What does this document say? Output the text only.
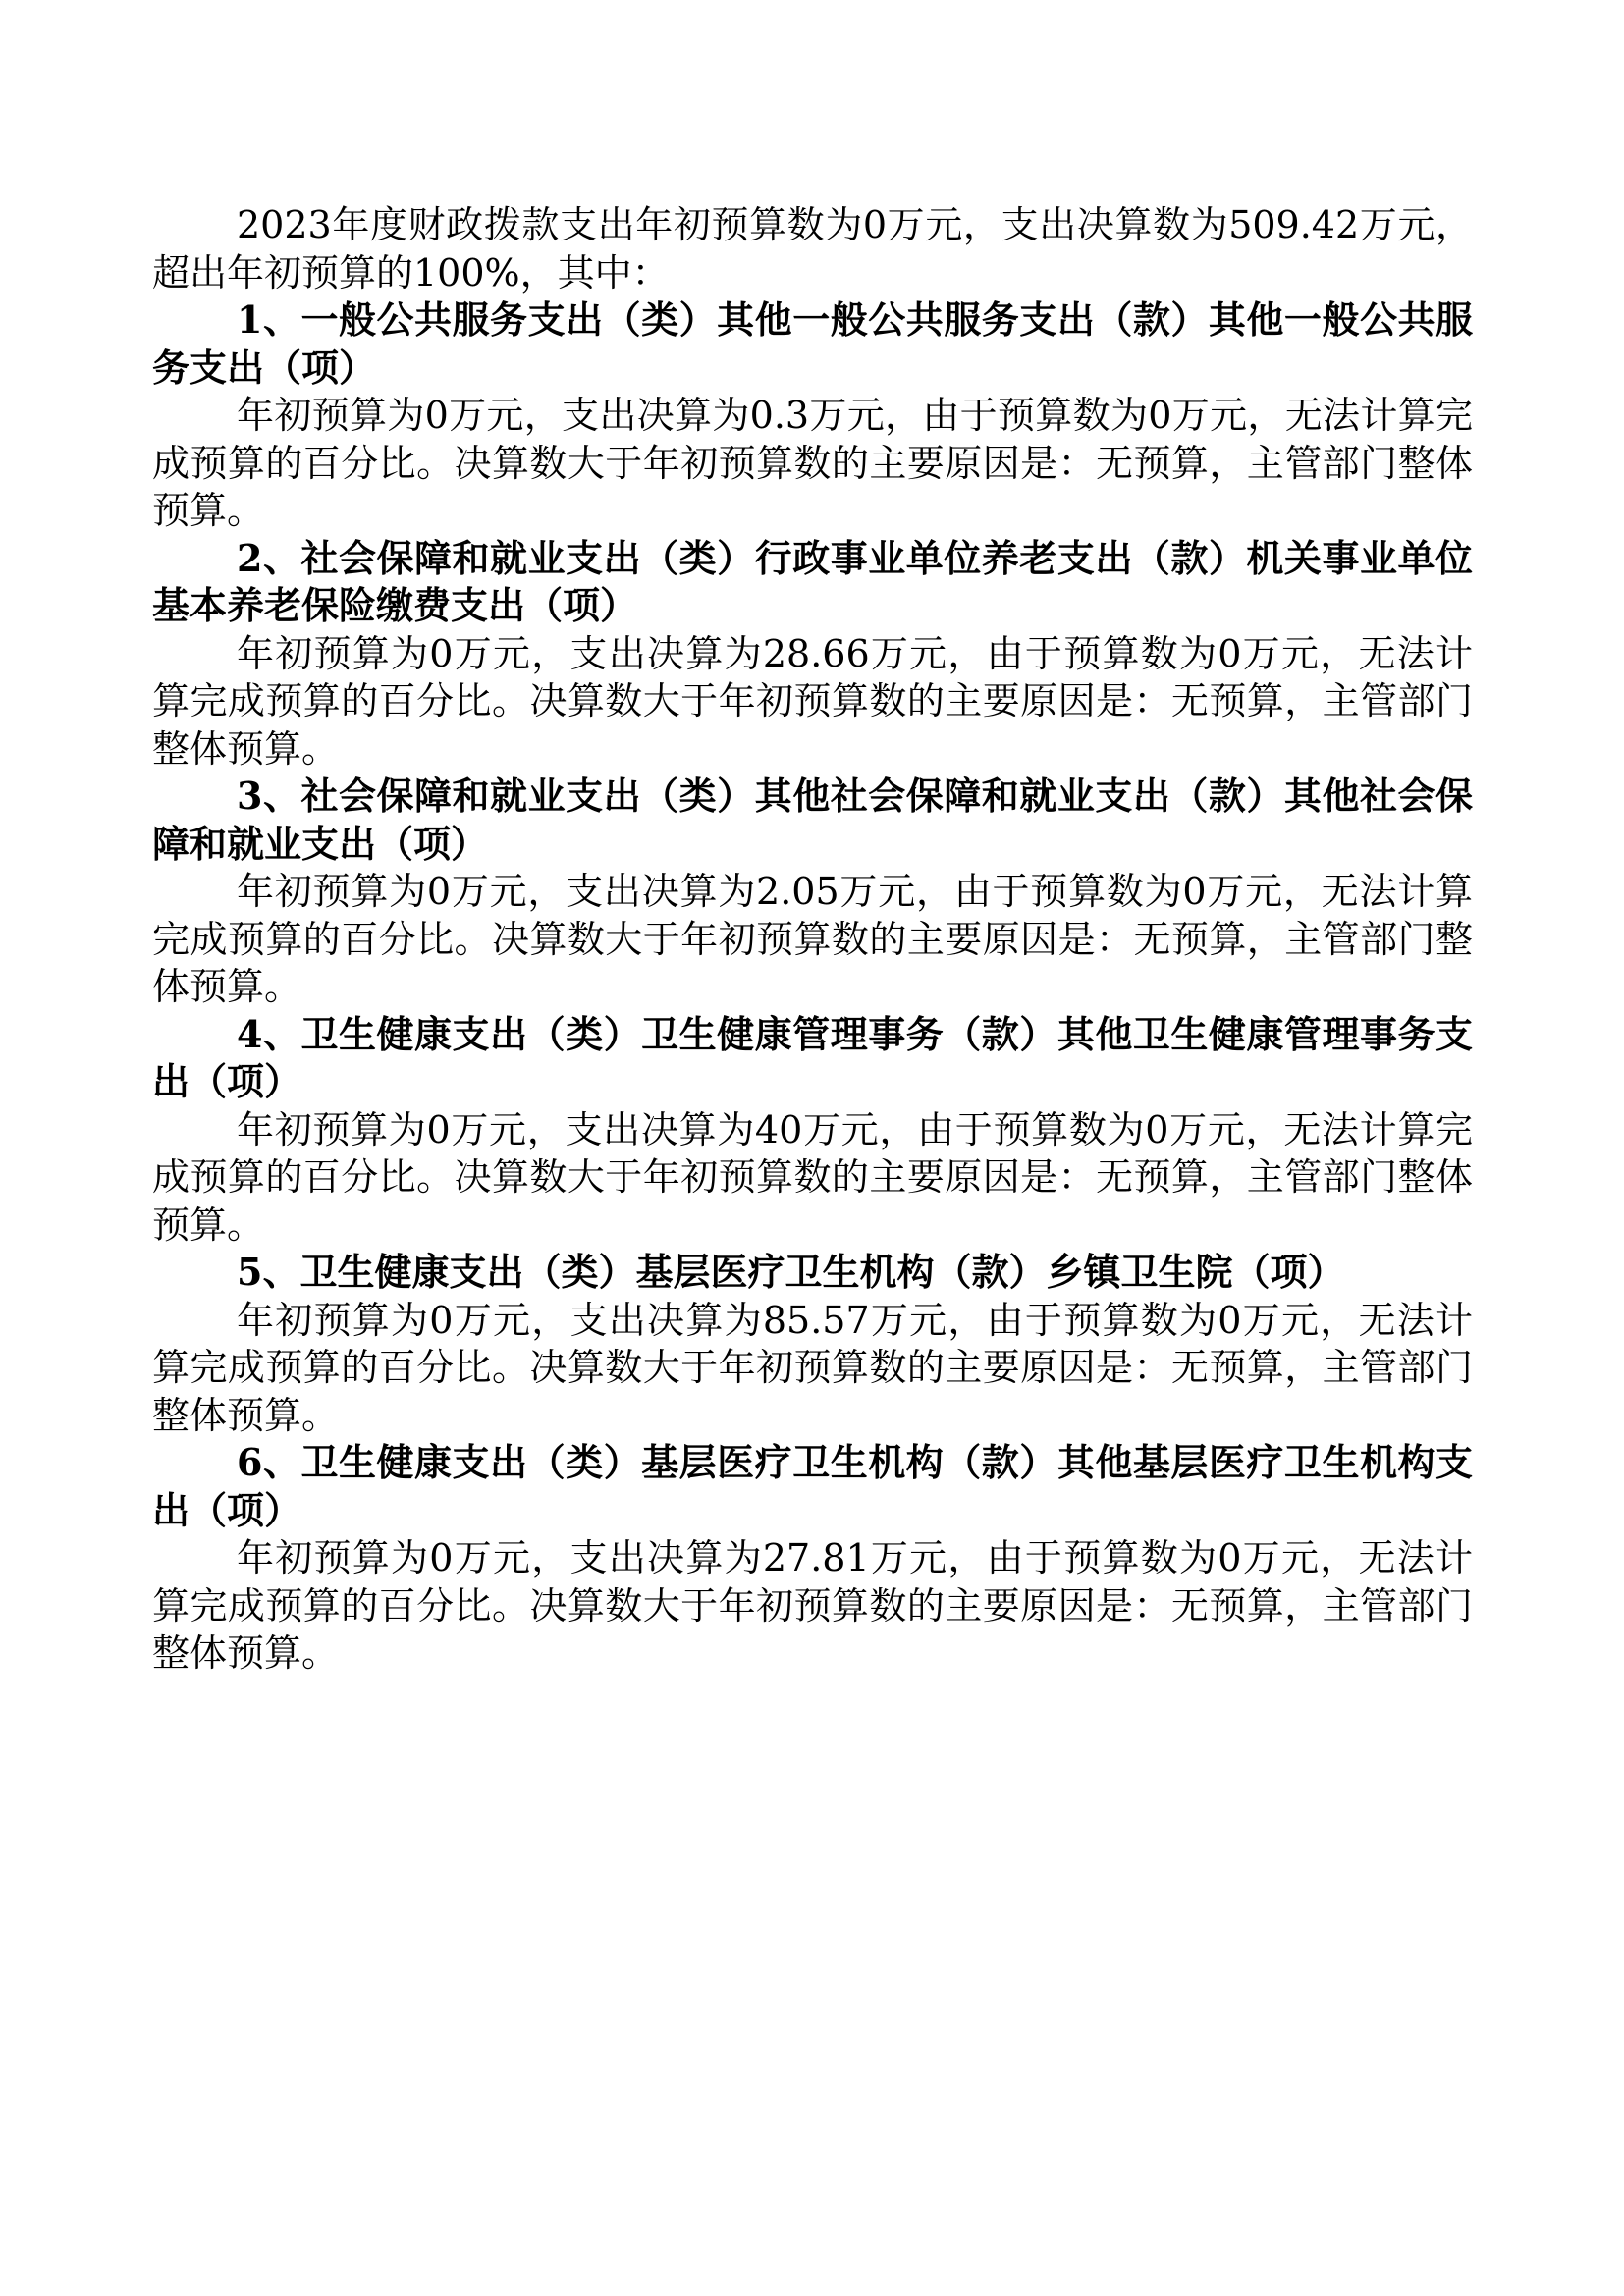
2023年度财政拨款支出年初预算数为0万元，支出决算数为509.42万元，超出年初预算的100%，其中：

1、一般公共服务支出（类）其他一般公共服务支出（款）其他一般公共服务支出（项）

年初预算为0万元，支出决算为0.3万元，由于预算数为0万元，无法计算完成预算的百分比。决算数大于年初预算数的主要原因是：无预算，主管部门整体预算。

2、社会保障和就业支出（类）行政事业单位养老支出（款）机关事业单位基本养老保险缴费支出（项）

年初预算为0万元，支出决算为28.66万元，由于预算数为0万元，无法计算完成预算的百分比。决算数大于年初预算数的主要原因是：无预算，主管部门整体预算。

3、社会保障和就业支出（类）其他社会保障和就业支出（款）其他社会保障和就业支出（项）

年初预算为0万元，支出决算为2.05万元，由于预算数为0万元，无法计算完成预算的百分比。决算数大于年初预算数的主要原因是：无预算，主管部门整体预算。

4、卫生健康支出（类）卫生健康管理事务（款）其他卫生健康管理事务支出（项）

年初预算为0万元，支出决算为40万元，由于预算数为0万元，无法计算完成预算的百分比。决算数大于年初预算数的主要原因是：无预算，主管部门整体预算。

5、卫生健康支出（类）基层医疗卫生机构（款）乡镇卫生院（项）

年初预算为0万元，支出决算为85.57万元，由于预算数为0万元，无法计算完成预算的百分比。决算数大于年初预算数的主要原因是：无预算，主管部门整体预算。

6、卫生健康支出（类）基层医疗卫生机构（款）其他基层医疗卫生机构支出（项）

年初预算为0万元，支出决算为27.81万元，由于预算数为0万元，无法计算完成预算的百分比。决算数大于年初预算数的主要原因是：无预算，主管部门整体预算。
